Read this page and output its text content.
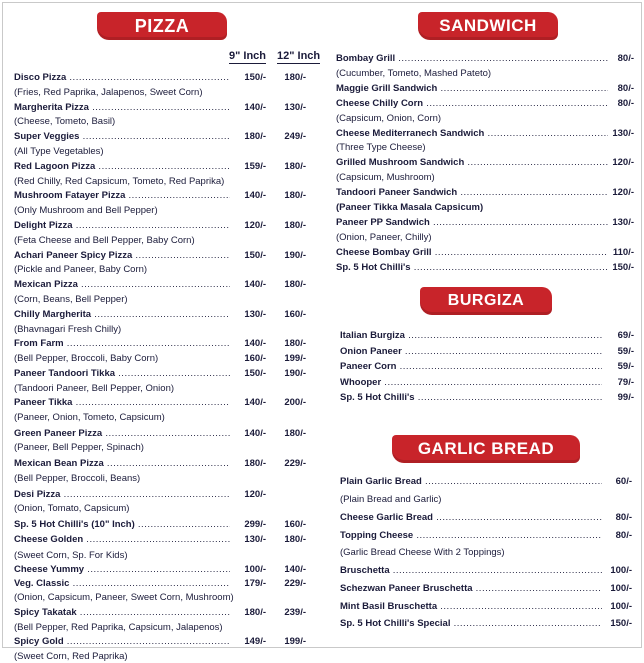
PIZZA
9" Inch 12" Inch
Disco Pizza .....	150/-	180/-
(Fries, Red Paprika, Jalapenos, Sweet Corn)
Margherita Pizza .....	140/-	130/-
(Cheese, Tometo, Basil)
Super Veggies .....	180/-	249/-
(All Type Vegetables)
Red Lagoon Pizza .....	159/-	180/-
(Red Chilly, Red Capsicum, Tometo, Red Paprika)
Mushroom Fatayer Pizza .....	140/-	180/-
(Only Mushroom and Bell Pepper)
Delight Pizza .....	120/-	180/-
(Feta Cheese and Bell Pepper, Baby Corn)
Achari Paneer Spicy Pizza .....	150/-	190/-
(Pickle and Paneer, Baby Corn)
Mexican Pizza .....	140/-	180/-
(Corn, Beans, Bell Pepper)
Chilly Margherita .....	130/-	160/-
(Bhavnagari Fresh Chilly)
From Farm .....	140/-	180/-
(Bell Pepper, Broccoli, Baby Corn)	160/-	199/-
Paneer Tandoori Tikka .....	150/-	190/-
(Tandoori Paneer, Bell Pepper, Onion)
Paneer Tikka .....	140/-	200/-
(Paneer, Onion, Tometo, Capsicum)
Green Paneer Pizza .....	140/-	180/-
(Paneer, Bell Pepper, Spinach)
Mexican Bean Pizza .....	180/-	229/-
(Bell Pepper, Broccoli, Beans)
Desi Pizza .....	120/-
(Onion, Tomato, Capsicum)
Sp. 5 Hot Chilli's (10" Inch) .....	299/-	160/-
Cheese Golden .....	130/-	180/-
(Sweet Corn, Sp. For Kids)
Cheese Yummy .....	100/-	140/-
Veg. Classic .....	179/-	229/-
(Onion, Capsicum, Paneer, Sweet Corn, Mushroom)
Spicy Takatak .....	180/-	239/-
(Bell Pepper, Red Paprika, Capsicum, Jalapenos)
Spicy Gold .....	149/-	199/-
(Sweet Corn, Red Paprika)
SANDWICH
Bombay Grill .....	80/-
(Cucumber, Tometo, Mashed Pateto)
Maggie Grill Sandwich .....	80/-
Cheese Chilly Corn .....	80/-
(Capsicum, Onion, Corn)
Cheese Mediterranech Sandwich .....	130/-
(Three Type Cheese)
Grilled Mushroom Sandwich .....	120/-
(Capsicum, Mushroom)
Tandoori Paneer Sandwich .....	120/-
(Paneer Tikka Masala Capsicum)
Paneer PP Sandwich .....	130/-
(Onion, Paneer, Chilly)
Cheese Bombay Grill .....	110/-
Sp. 5 Hot Chilli's .....	150/-
BURGIZA
Italian Burgiza .....	69/-
Onion Paneer .....	59/-
Paneer Corn .....	59/-
Whooper .....	79/-
Sp. 5 Hot Chilli's .....	99/-
GARLIC BREAD
Plain Garlic Bread .....	60/-
(Plain Bread and Garlic)
Cheese Garlic Bread .....	80/-
Topping Cheese .....	80/-
(Garlic Bread Cheese With 2 Toppings)
Bruschetta .....	100/-
Schezwan Paneer Bruschetta .....	100/-
Mint Basil Bruschetta .....	100/-
Sp. 5 Hot Chilli's Special .....	150/-
